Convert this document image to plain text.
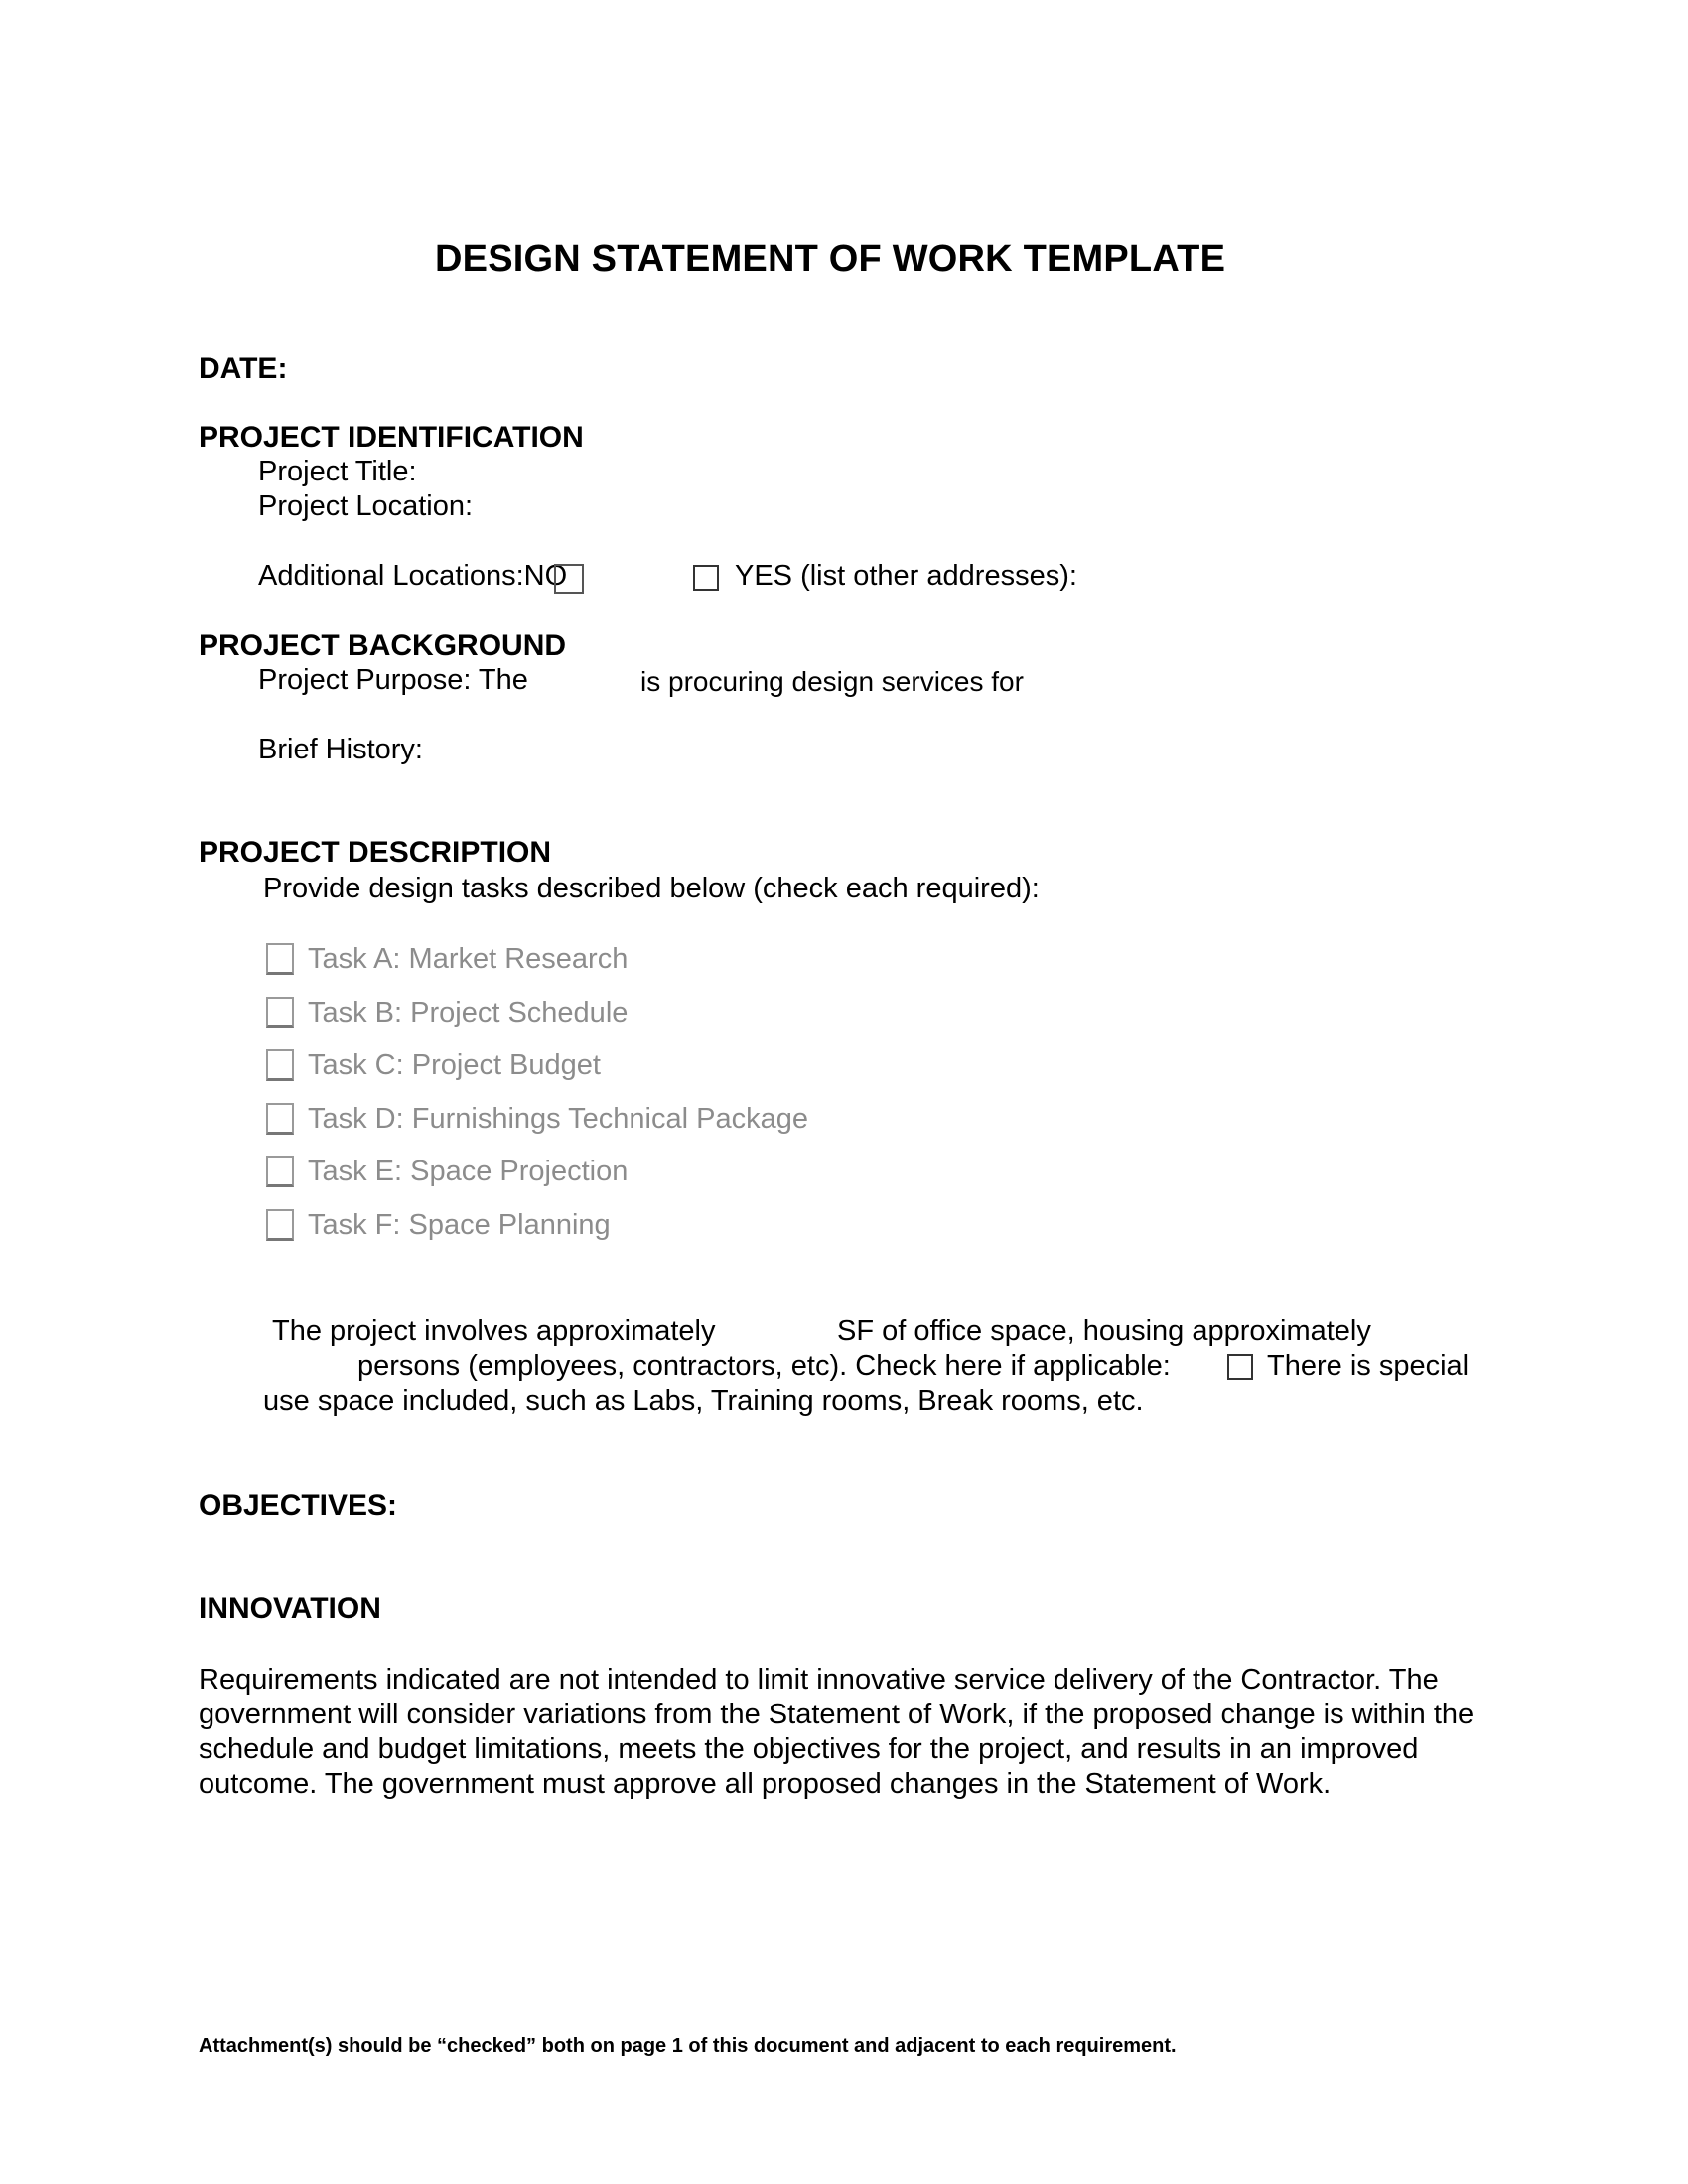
DESIGN STATEMENT OF WORK TEMPLATE
DATE:
PROJECT IDENTIFICATION
Project Title:
Project Location:
Additional Locations:NO	YES (list other addresses):
PROJECT BACKGROUND
Project Purpose: The	is procuring design services for
Brief History:
PROJECT DESCRIPTION
Provide design tasks described below (check each required):
Task A: Market Research
Task B: Project Schedule
Task C: Project Budget
Task D: Furnishings Technical Package
Task E: Space Projection
Task F: Space Planning
The project involves approximately	SF of office space, housing approximately
persons (employees, contractors, etc). Check here if applicable:	There is special
use space included, such as Labs, Training rooms, Break rooms, etc.
OBJECTIVES:
INNOVATION
Requirements indicated are not intended to limit innovative service delivery of the Contractor. The government will consider variations from the Statement of Work, if the proposed change is within the schedule and budget limitations, meets the objectives for the project, and results in an improved outcome. The government must approve all proposed changes in the Statement of Work.
Attachment(s) should be “checked” both on page 1 of this document and adjacent to each requirement.
